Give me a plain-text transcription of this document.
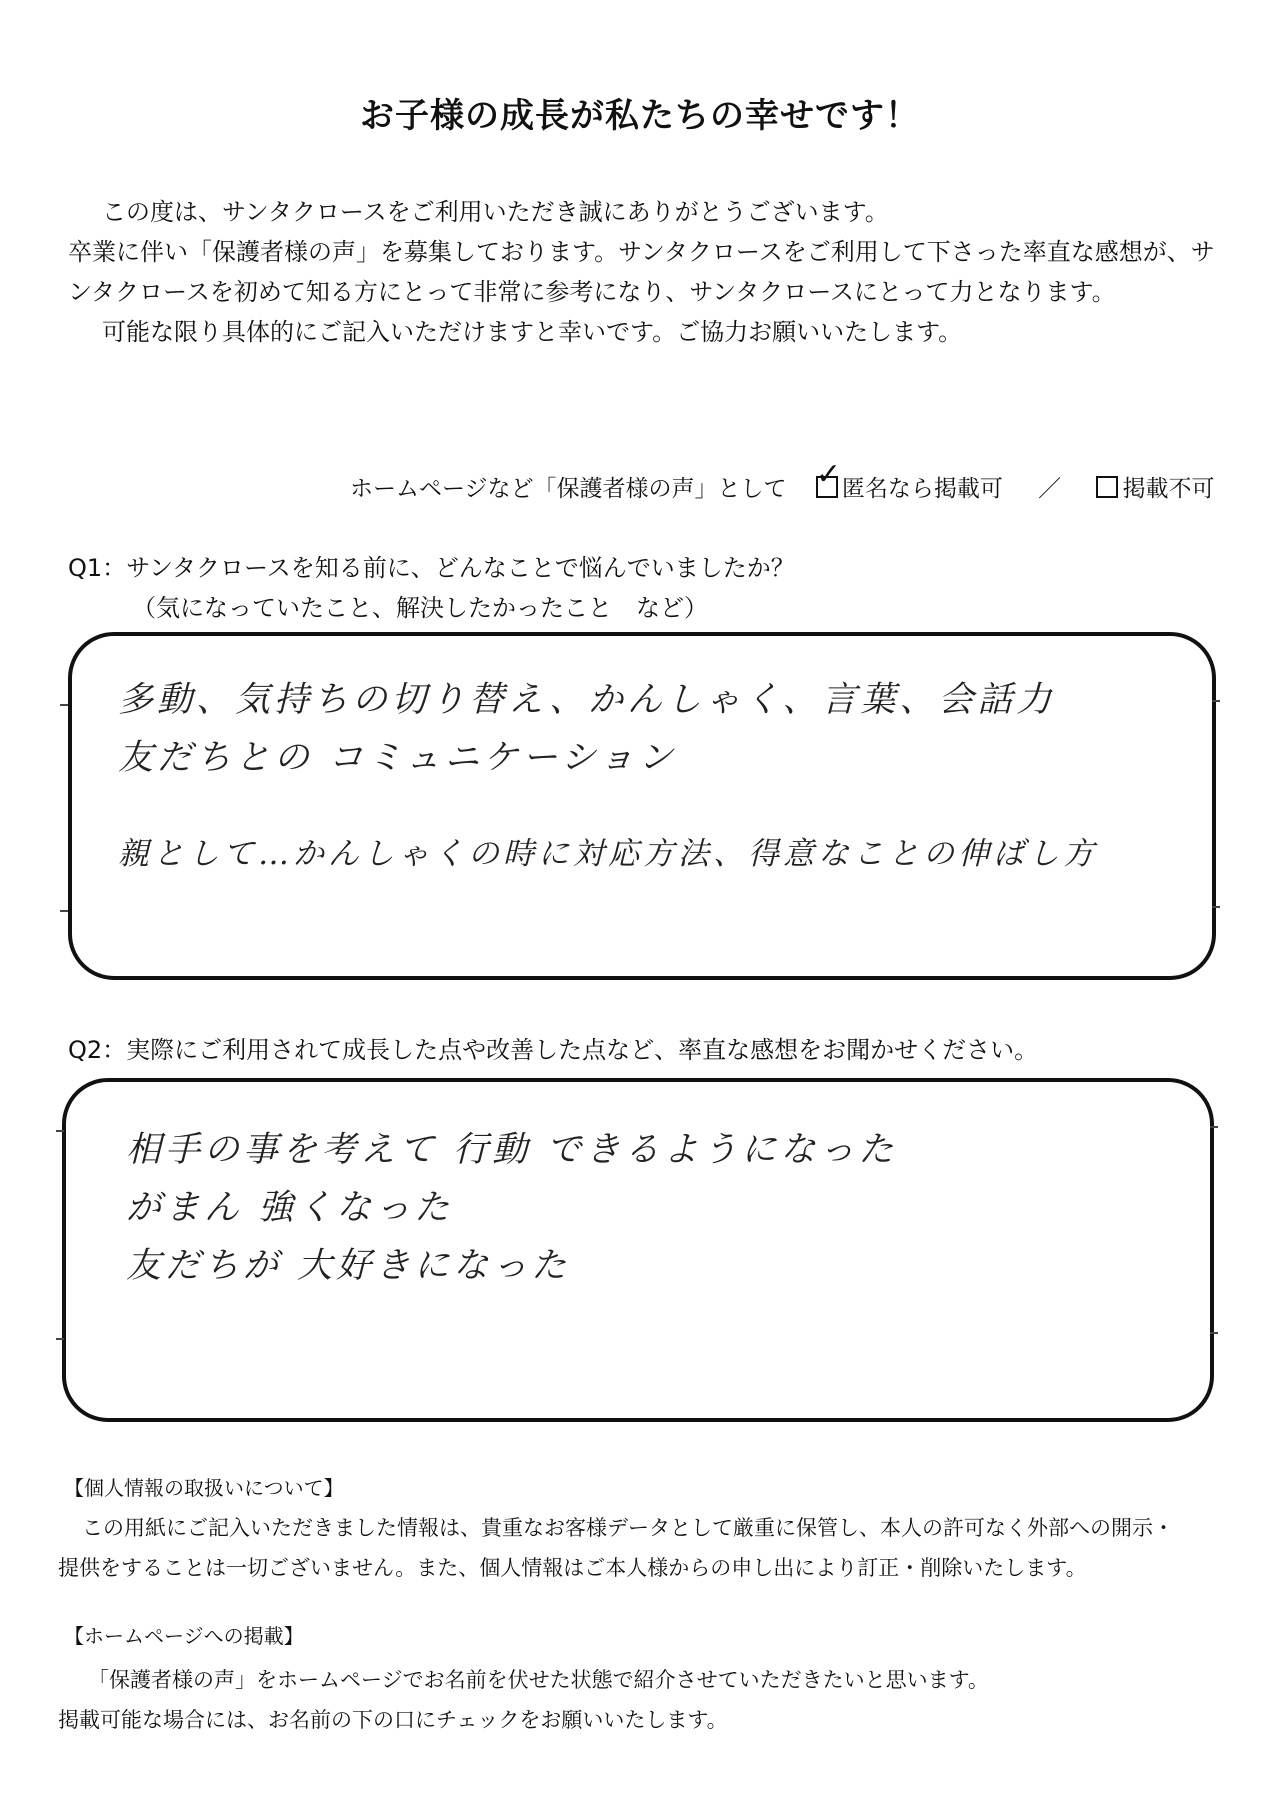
お子様の成長が私たちの幸せです！

この度は、サンタクロースをご利用いただき誠にありがとうございます。

卒業に伴い「保護者様の声」を募集しております。サンタクロースをご利用して下さった率直な感想が、サ

ンタクロースを初めて知る方にとって非常に参考になり、サンタクロースにとって力となります。

可能な限り具体的にご記入いただけますと幸いです。ご協力お願いいたします。

ホームページなど「保護者様の声」として ✓ 匿名なら掲載可 ／	掲載不可
Q1：サンタクロースを知る前に、どんなことで悩んでいましたか？
（気になっていたこと、解決したかったこと　など）
多動、気持ちの切り替え、かんしゃく、言葉、会話力
友だちとの コミュニケーション
親として…かんしゃくの時に対応方法、得意なことの伸ばし方
Q2：実際にご利用されて成長した点や改善した点など、率直な感想をお聞かせください。
相手の事を考えて 行動 できるようになった
がまん 強くなった
友だちが 大好きになった
【個人情報の取扱いについて】

この用紙にご記入いただきました情報は、貴重なお客様データとして厳重に保管し、本人の許可なく外部への開示・

提供をすることは一切ございません。また、個人情報はご本人様からの申し出により訂正・削除いたします。

【ホームページへの掲載】

「保護者様の声」をホームページでお名前を伏せた状態で紹介させていただきたいと思います。

掲載可能な場合には、お名前の下の口にチェックをお願いいたします。
